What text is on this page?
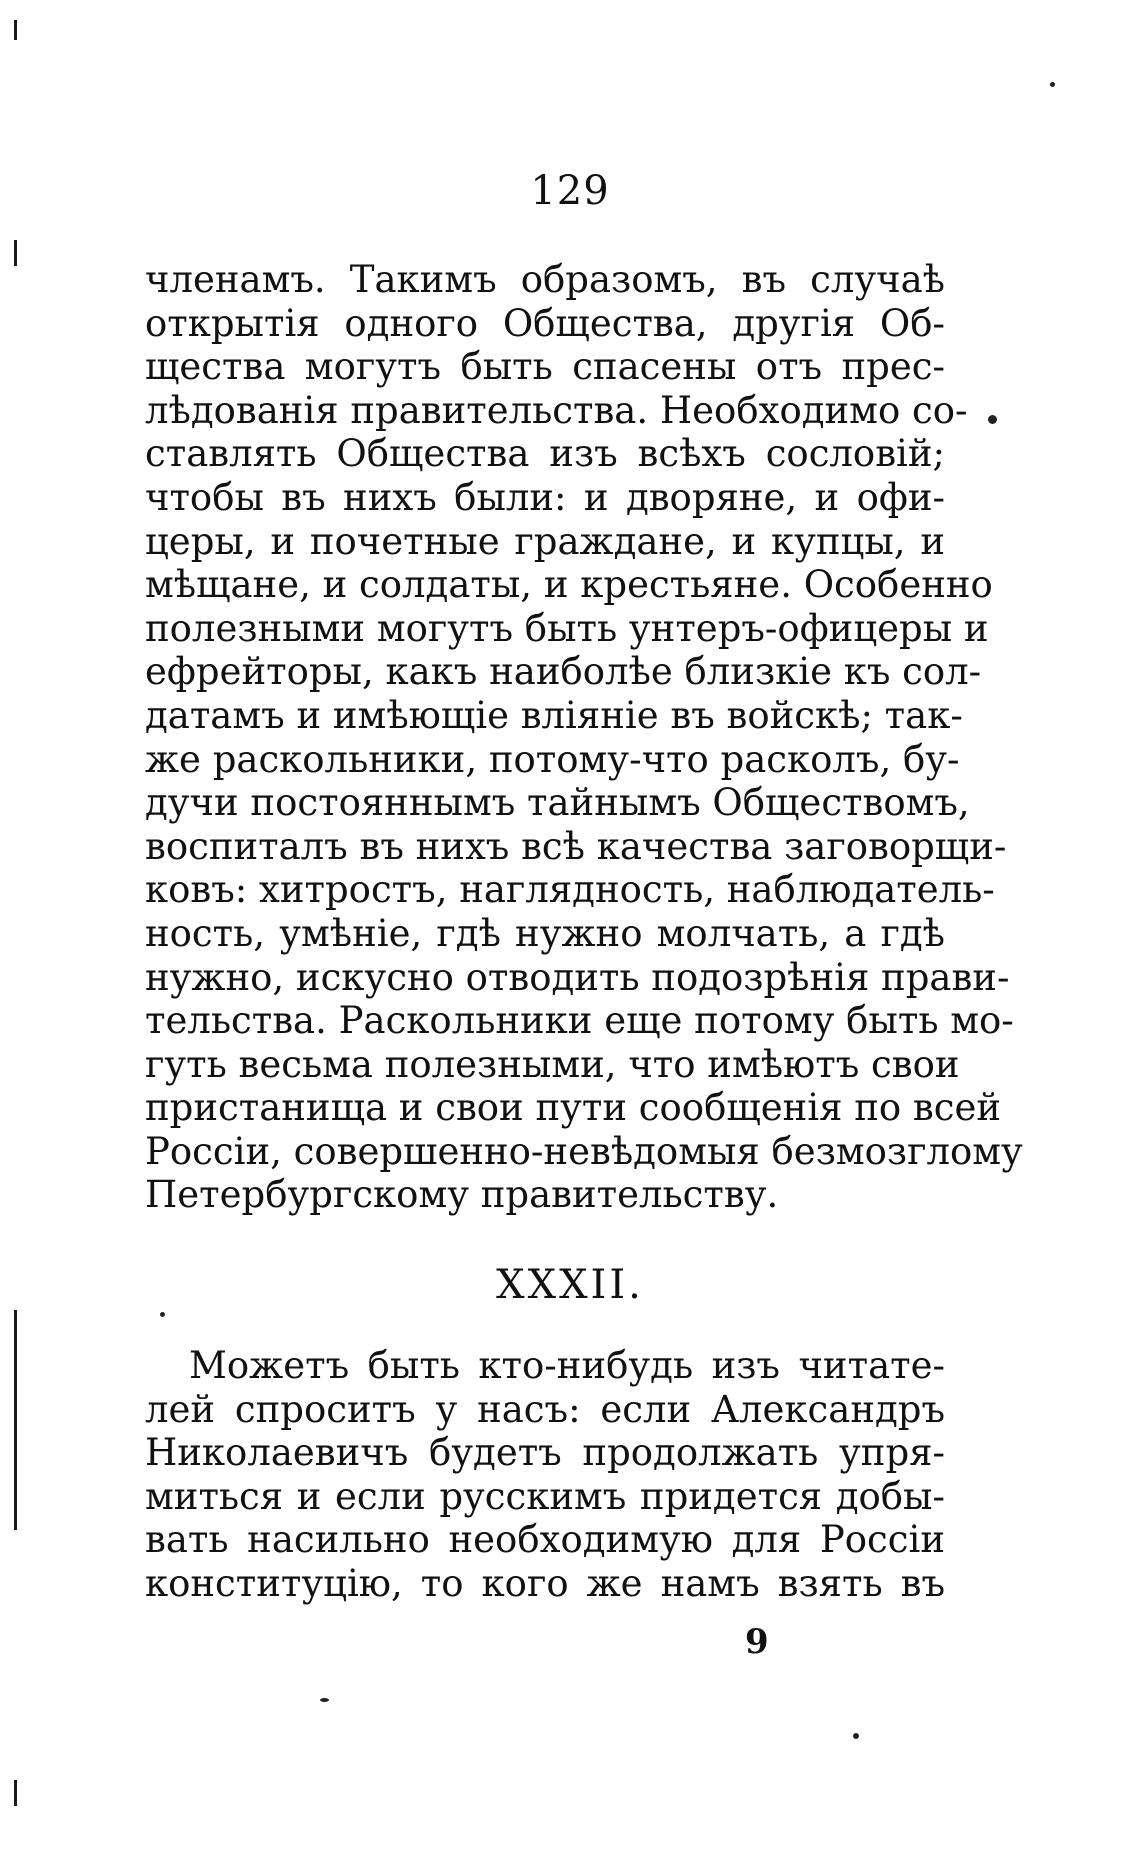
129
членамъ. Такимъ образомъ, въ случаѣ
открытія одного Общества, другія Об-
щества могутъ быть спасены отъ прес-
лѣдованія правительства. Необходимо со-
ставлять Общества изъ всѣхъ сословій;
чтобы въ нихъ были: и дворяне, и офи-
церы, и почетные граждане, и купцы, и
мѣщане, и солдаты, и крестьяне. Особенно
полезными могутъ быть унтеръ-офицеры и
ефрейторы, какъ наиболѣе близкіе къ сол-
датамъ и имѣющіе вліяніе въ войскѣ; так-
же раскольники, потому-что расколъ, бу-
дучи постояннымъ тайнымъ Обществомъ,
воспиталъ въ нихъ всѣ качества заговорщи-
ковъ: хитростъ, наглядность, наблюдатель-
ность, умѣніе, гдѣ нужно молчать, а гдѣ
нужно, искусно отводить подозрѣнія прави-
тельства. Раскольники еще потому быть мо-
гуть весьма полезными, что имѣютъ свои
пристанища и свои пути сообщенія по всей
Россіи, совершенно-невѣдомыя безмозглому
Петербургскому правительству.
XXXII.
Можетъ быть кто-нибудь изъ читате-
лей спроситъ у насъ: если Александръ
Николаевичъ будетъ продолжать упря-
миться и если русскимъ придется добы-
вать насильно необходимую для Россіи
конституцію, то кого же намъ взять въ
9
